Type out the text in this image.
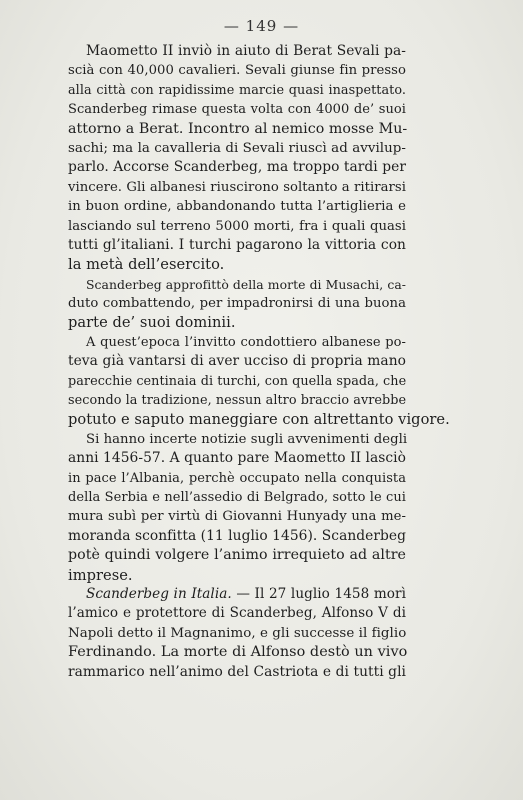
— 149 —
Maometto II inviò in aiuto di Berat Sevali pa-
scià con 40,000 cavalieri. Sevali giunse fin presso
alla città con rapidissime marcie quasi inaspettato.
Scanderbeg rimase questa volta con 4000 de’ suoi
attorno a Berat. Incontro al nemico mosse Mu-
sachi; ma la cavalleria di Sevali riuscì ad avvilup-
parlo. Accorse Scanderbeg, ma troppo tardi per
vincere. Gli albanesi riuscirono soltanto a ritirarsi
in buon ordine, abbandonando tutta l’artiglieria e
lasciando sul terreno 5000 morti, fra i quali quasi
tutti gl’italiani. I turchi pagarono la vittoria con
la metà dell’esercito.
Scanderbeg approfittò della morte di Musachi, ca-
duto combattendo, per impadronirsi di una buona
parte de’ suoi dominii.
A quest’epoca l’invitto condottiero albanese po-
teva già vantarsi di aver ucciso di propria mano
parecchie centinaia di turchi, con quella spada, che
secondo la tradizione, nessun altro braccio avrebbe
potuto e saputo maneggiare con altrettanto vigore.
Si hanno incerte notizie sugli avvenimenti degli
anni 1456-57. A quanto pare Maometto II lasciò
in pace l’Albania, perchè occupato nella conquista
della Serbia e nell’assedio di Belgrado, sotto le cui
mura subì per virtù di Giovanni Hunyady una me-
moranda sconfitta (11 luglio 1456). Scanderbeg
potè quindi volgere l’animo irrequieto ad altre
imprese.
Scanderbeg in Italia. — Il 27 luglio 1458 morì
l’amico e protettore di Scanderbeg, Alfonso V di
Napoli detto il Magnanimo, e gli successe il figlio
Ferdinando. La morte di Alfonso destò un vivo
rammarico nell’animo del Castriota e di tutti gli
